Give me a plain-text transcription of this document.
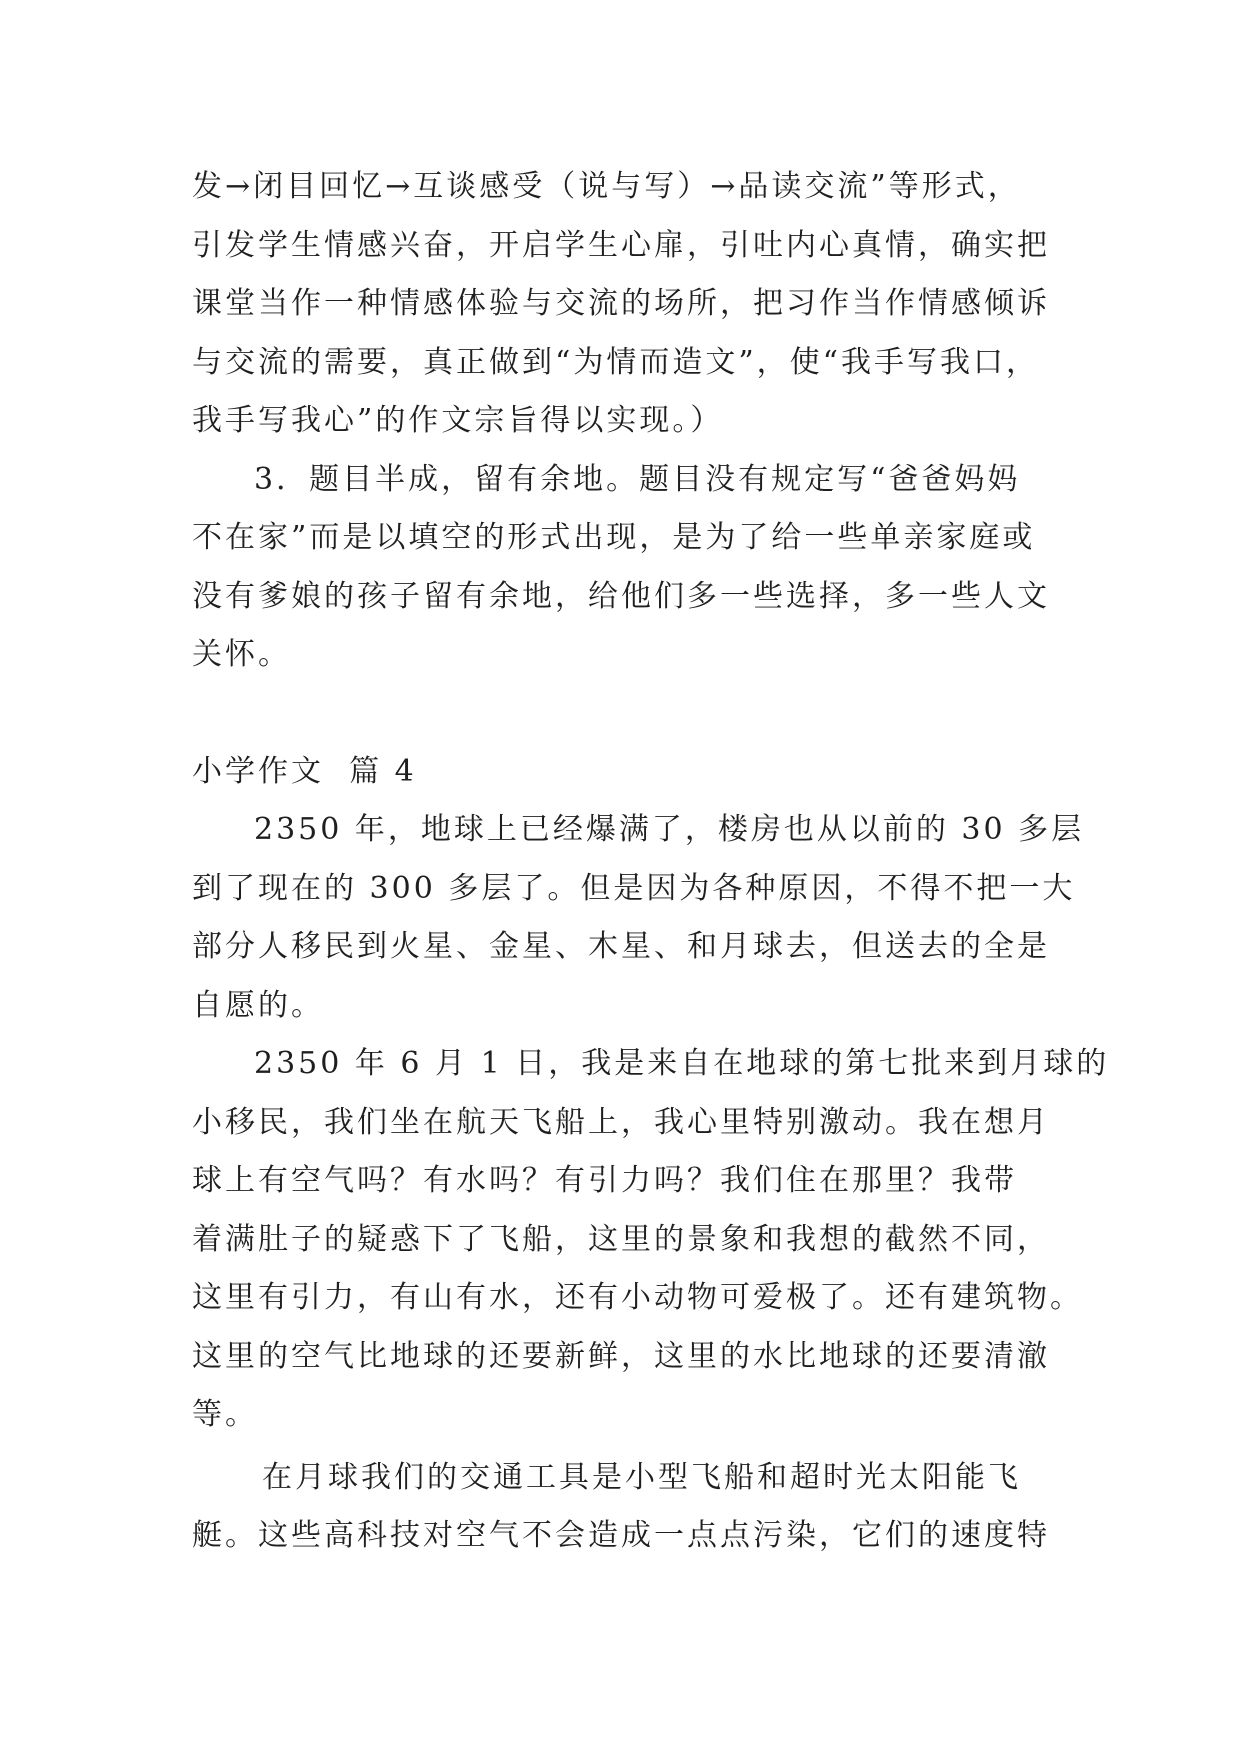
发→闭目回忆→互谈感受（说与写）→品读交流”等形式，
引发学生情感兴奋，开启学生心扉，引吐内心真情，确实把
课堂当作一种情感体验与交流的场所，把习作当作情感倾诉
与交流的需要，真正做到“为情而造文”，使“我手写我口，
我手写我心”的作文宗旨得以实现。）

3．题目半成，留有余地。题目没有规定写“爸爸妈妈
不在家”而是以填空的形式出现，是为了给一些单亲家庭或
没有爹娘的孩子留有余地，给他们多一些选择，多一些人文
关怀。

小学作文  篇 4

2350 年，地球上已经爆满了，楼房也从以前的 30 多层
到了现在的 300 多层了。但是因为各种原因，不得不把一大
部分人移民到火星、金星、木星、和月球去，但送去的全是
自愿的。

2350 年 6 月 1 日，我是来自在地球的第七批来到月球的
小移民，我们坐在航天飞船上，我心里特别激动。我在想月
球上有空气吗？有水吗？有引力吗？我们住在那里？我带
着满肚子的疑惑下了飞船，这里的景象和我想的截然不同，
这里有引力，有山有水，还有小动物可爱极了。还有建筑物。
这里的空气比地球的还要新鲜，这里的水比地球的还要清澈
等。

在月球我们的交通工具是小型飞船和超时光太阳能飞
艇。这些高科技对空气不会造成一点点污染，它们的速度特
